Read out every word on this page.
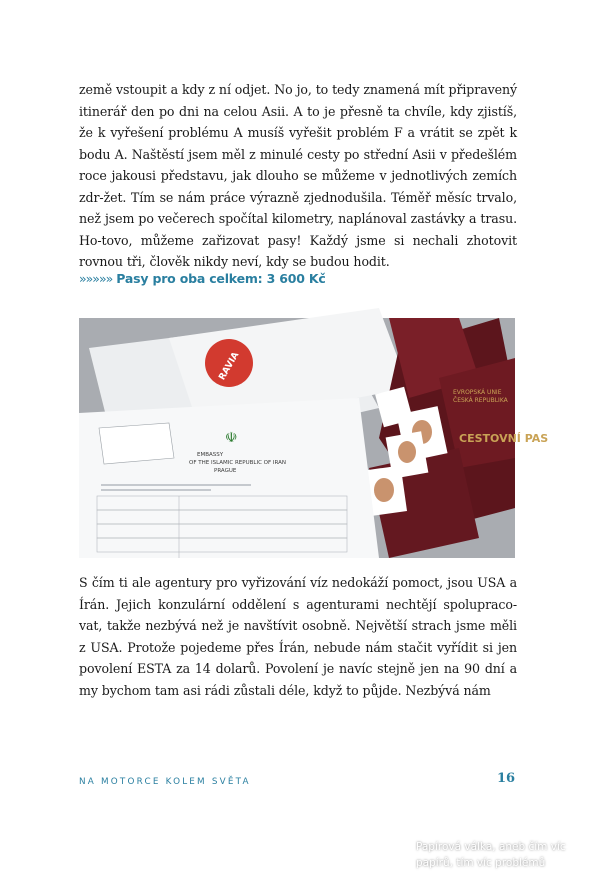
země vstoupit a kdy z ní odjet. No jo, to tedy znamená mít připravený itinerář den po dni na celou Asii. A to je přesně ta chvíle, kdy zjistíš, že k vyřešení problému A musíš vyřešit problém F a vrátit se zpět k bodu A. Naštěstí jsem měl z minulé cesty po střední Asii v předešlém roce jakousi představu, jak dlouho se můžeme v jednotlivých zemích zdr-žet. Tím se nám práce výrazně zjednodušila. Téměř měsíc trvalo, než jsem po večerech spočítal kilometry, naplánoval zastávky a trasu. Ho-tovo, můžeme zařizovat pasy! Každý jsme si nechali zhotovit rovnou tři, člověk nikdy neví, kdy se budou hodit.

»»»»» Pasy pro oba celkem: 3 600 Kč
RAVIA
EVROPSKÁ UNIE
ČESKÁ REPUBLIKA
CESTOVNÍ PAS
☫
EMBASSY
OF THE ISLAMIC REPUBLIC OF IRAN
PRAGUE
Papírová válka, aneb čím víc papírů, tím víc problémů

S čím ti ale agentury pro vyřizování víz nedokáží pomoct, jsou USA a Írán. Jejich konzulární oddělení s agenturami nechtějí spolupraco-vat, takže nezbývá než je navštívit osobně. Největší strach jsme měli z USA. Protože pojedeme přes Írán, nebude nám stačit vyřídit si jen povolení ESTA za 14 dolarů. Povolení je navíc stejně jen na 90 dní a my bychom tam asi rádi zůstali déle, když to půjde. Nezbývá nám

NA MOTORCE KOLEM SVĚTA	16
